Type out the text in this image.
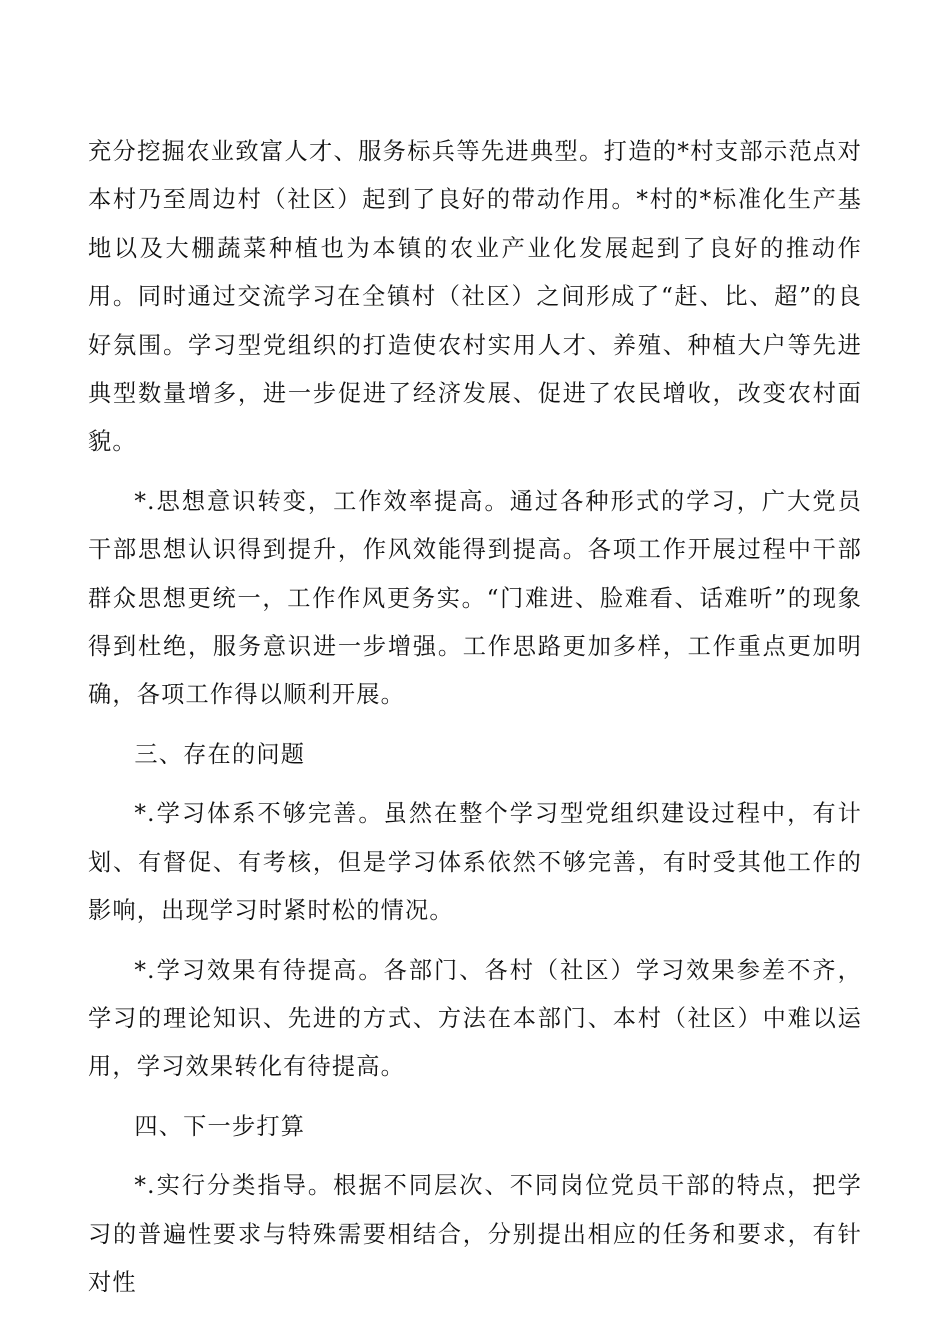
充分挖掘农业致富人才、服务标兵等先进典型。打造的*村支部示范点对本村乃至周边村（社区）起到了良好的带动作用。*村的*标准化生产基地以及大棚蔬菜种植也为本镇的农业产业化发展起到了良好的推动作用。同时通过交流学习在全镇村（社区）之间形成了“赶、比、超”的良好氛围。学习型党组织的打造使农村实用人才、养殖、种植大户等先进典型数量增多，进一步促进了经济发展、促进了农民增收，改变农村面貌。

*.思想意识转变，工作效率提高。通过各种形式的学习，广大党员干部思想认识得到提升，作风效能得到提高。各项工作开展过程中干部群众思想更统一，工作作风更务实。“门难进、脸难看、话难听”的现象得到杜绝，服务意识进一步增强。工作思路更加多样，工作重点更加明确，各项工作得以顺利开展。

三、存在的问题

*.学习体系不够完善。虽然在整个学习型党组织建设过程中，有计划、有督促、有考核，但是学习体系依然不够完善，有时受其他工作的影响，出现学习时紧时松的情况。

*.学习效果有待提高。各部门、各村（社区）学习效果参差不齐，学习的理论知识、先进的方式、方法在本部门、本村（社区）中难以运用，学习效果转化有待提高。

四、下一步打算

*.实行分类指导。根据不同层次、不同岗位党员干部的特点，把学习的普遍性要求与特殊需要相结合，分别提出相应的任务和要求，有针对性
